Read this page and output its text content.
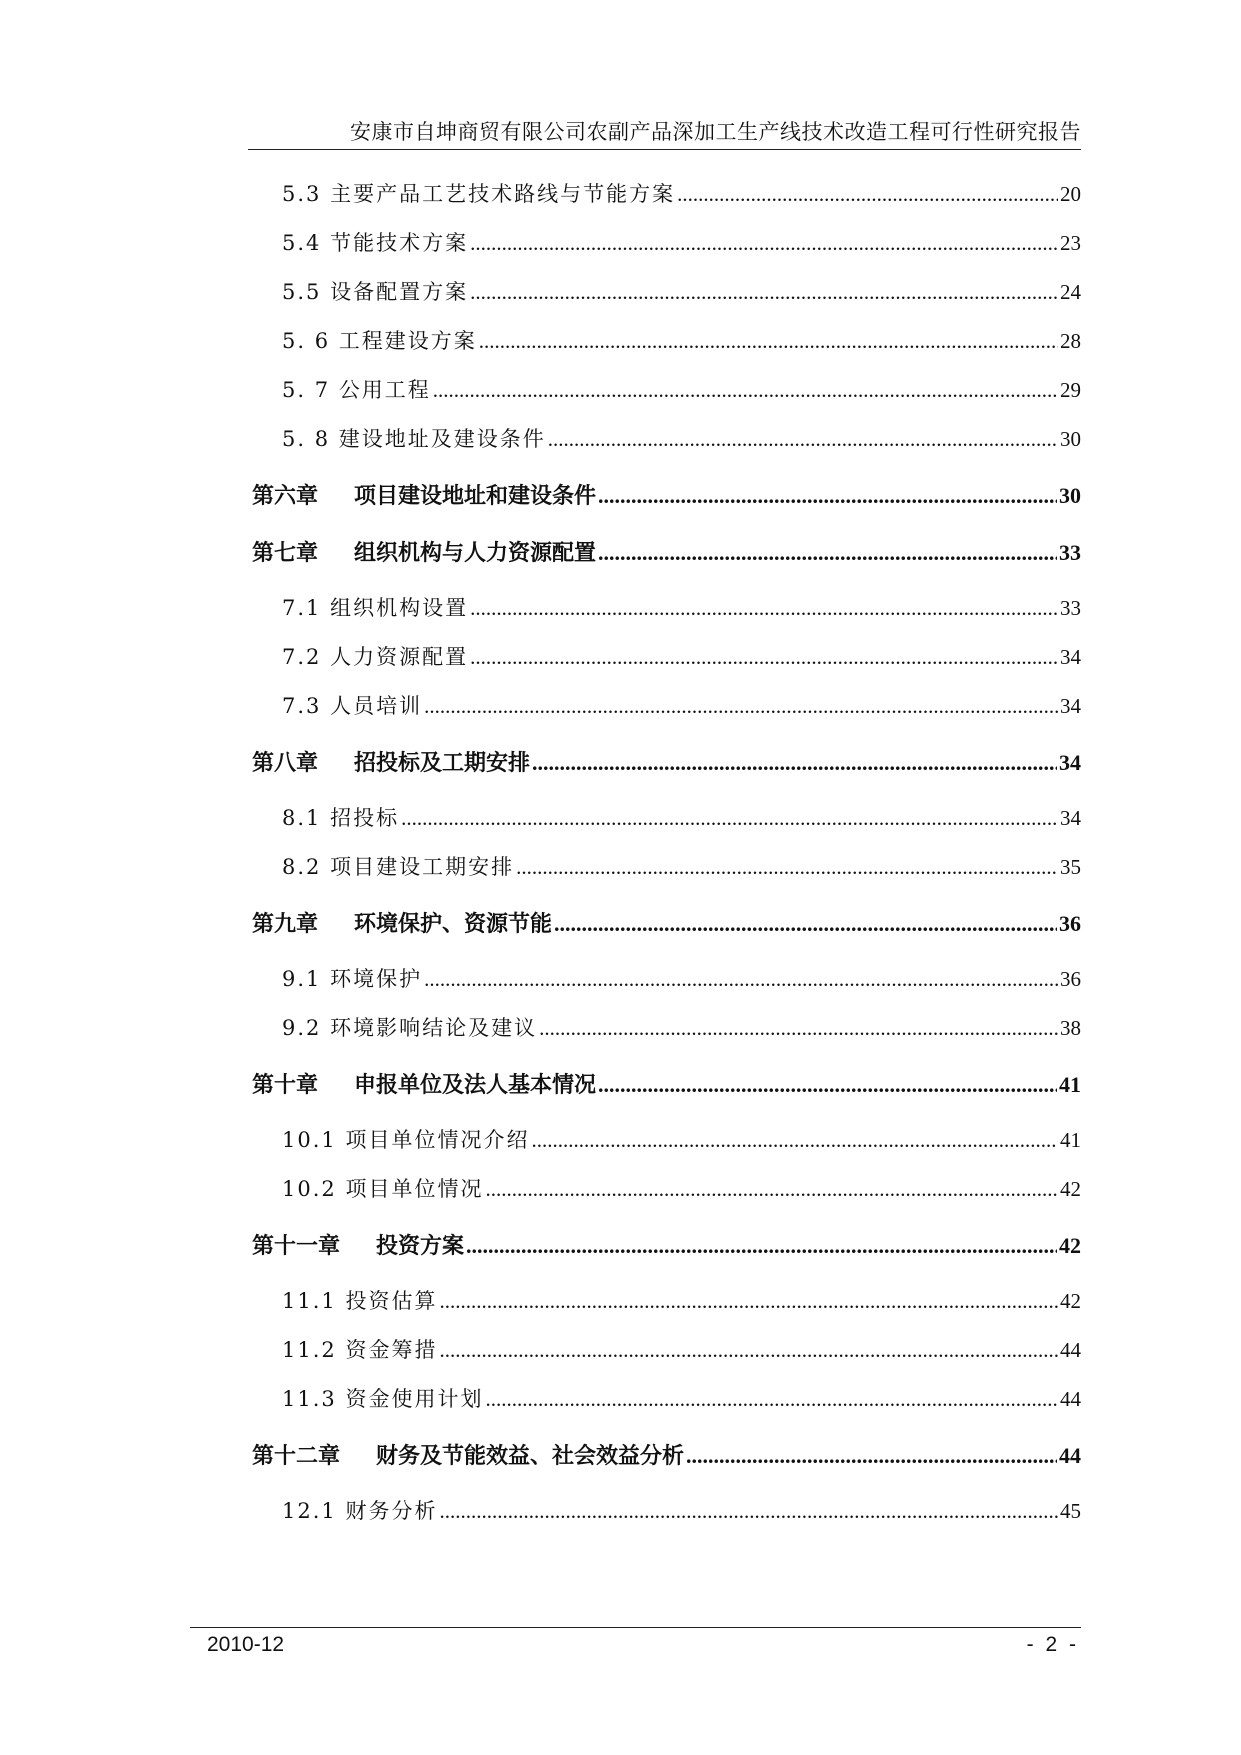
安康市自坤商贸有限公司农副产品深加工生产线技术改造工程可行性研究报告
5.3 主要产品工艺技术路线与节能方案 .....	20
5.4 节能技术方案 .....	23
5.5 设备配置方案 .....	24
5. 6 工程建设方案 .....	28
5. 7 公用工程 .....	29
5. 8 建设地址及建设条件 .....	30
第六章 项目建设地址和建设条件 .....	30
第七章 组织机构与人力资源配置 .....	33
7.1 组织机构设置 .....	33
7.2 人力资源配置 .....	34
7.3 人员培训 .....	34
第八章 招投标及工期安排 .....	34
8.1 招投标 .....	34
8.2 项目建设工期安排 .....	35
第九章 环境保护、资源节能 .....	36
9.1 环境保护 .....	36
9.2 环境影响结论及建议 .....	38
第十章 申报单位及法人基本情况 .....	41
10.1 项目单位情况介绍 .....	41
10.2 项目单位情况 .....	42
第十一章 投资方案 .....	42
11.1 投资估算 .....	42
11.2 资金筹措 .....	44
11.3 资金使用计划 .....	44
第十二章 财务及节能效益、社会效益分析 .....	44
12.1 财务分析 .....	45
2010-12	- 2 -
